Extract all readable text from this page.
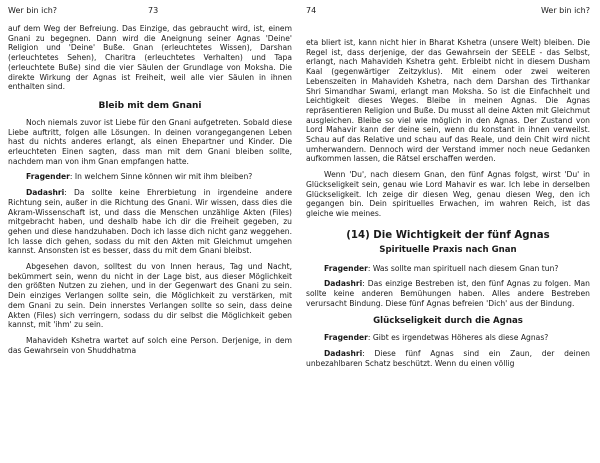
Wer bin ich?	73

auf dem Weg der Befreiung. Das Einzige, das gebraucht wird, ist, einem Gnani zu begegnen. Dann wird die Aneignung seiner Agnas 'Deine' Religion und 'Deine' Buße. Gnan (erleuchtetes Wissen), Darshan (erleuchtetes Sehen), Charitra (erleuchtetes Verhalten) und Tapa (erleuchtete Buße) sind die vier Säulen der Grundlage von Moksha. Die direkte Wirkung der Agnas ist Freiheit, weil alle vier Säulen in ihnen enthalten sind.

Bleib mit dem Gnani

Noch niemals zuvor ist Liebe für den Gnani aufgetreten. Sobald diese Liebe auftritt, folgen alle Lösungen. In deinen vorangegangenen Leben hast du nichts anderes erlangt, als einen Ehepartner und Kinder. Die erleuchteten Einen sagten, dass man mit dem Gnani bleiben sollte, nachdem man von ihm Gnan empfangen hatte.

Fragender: In welchem Sinne können wir mit ihm bleiben?

Dadashri: Da sollte keine Ehrerbietung in irgendeine andere Richtung sein, außer in die Richtung des Gnani. Wir wissen, dass dies die Akram-Wissenschaft ist, und dass die Menschen unzählige Akten (Files) mitgebracht haben, und deshalb habe ich dir die Freiheit gegeben, zu gehen und diese handzuhaben. Doch ich lasse dich nicht ganz weggehen. Ich lasse dich gehen, sodass du mit den Akten mit Gleichmut umgehen kannst. Ansonsten ist es besser, dass du mit dem Gnani bleibst.

Abgesehen davon, solltest du von Innen heraus, Tag und Nacht, bekümmert sein, wenn du nicht in der Lage bist, aus dieser Möglichkeit den größten Nutzen zu ziehen, und in der Gegenwart des Gnani zu sein. Dein einziges Verlangen sollte sein, die Möglichkeit zu verstärken, mit dem Gnani zu sein. Dein innerstes Verlangen sollte so sein, dass deine Akten (Files) sich verringern, sodass du dir selbst die Möglichkeit geben kannst, mit 'ihm' zu sein.

Mahavideh Kshetra wartet auf solch eine Person. Derjenige, in dem das Gewahrsein von Shuddhatma

74	Wer bin ich?

eta bliert ist, kann nicht hier in Bharat Kshetra (unsere Welt) bleiben. Die Regel ist, dass derjenige, der das Gewahrsein der SEELE - das Selbst, erlangt, nach Mahavideh Kshetra geht. Erbleibt nicht in diesem Dusham Kaal (gegenwärtiger Zeitzyklus). Mit einem oder zwei weiteren Lebenszeiten in Mahavideh Kshetra, nach dem Darshan des Tirthankar Shri Simandhar Swami, erlangt man Moksha. So ist die Einfachheit und Leichtigkeit dieses Weges. Bleibe in meinen Agnas. Die Agnas repräsentieren Religion und Buße. Du musst all deine Akten mit Gleichmut ausgleichen. Bleibe so viel wie möglich in den Agnas. Der Zustand von Lord Mahavir kann der deine sein, wenn du konstant in ihnen verweilst. Schau auf das Relative und schau auf das Reale, und dein Chit wird nicht umherwandern. Dennoch wird der Verstand immer noch neue Gedanken aufkommen lassen, die Rätsel erschaffen werden.

Wenn 'Du', nach diesem Gnan, den fünf Agnas folgst, wirst 'Du' in Glückseligkeit sein, genau wie Lord Mahavir es war. Ich lebe in derselben Glückseligkeit. Ich zeige dir diesen Weg, genau diesen Weg, den ich gegangen bin. Dein spirituelles Erwachen, im wahren Reich, ist das gleiche wie meines.

(14) Die Wichtigkeit der fünf Agnas
Spirituelle Praxis nach Gnan

Fragender: Was sollte man spirituell nach diesem Gnan tun?

Dadashri: Das einzige Bestreben ist, den fünf Agnas zu folgen. Man sollte keine anderen Bemühungen haben. Alles andere Bestreben verursacht Bindung. Diese fünf Agnas befreien 'Dich' aus der Bindung.

Glückseligkeit durch die Agnas

Fragender: Gibt es irgendetwas Höheres als diese Agnas?

Dadashri: Diese fünf Agnas sind ein Zaun, der deinen unbezahlbaren Schatz beschützt. Wenn du einen völlig
